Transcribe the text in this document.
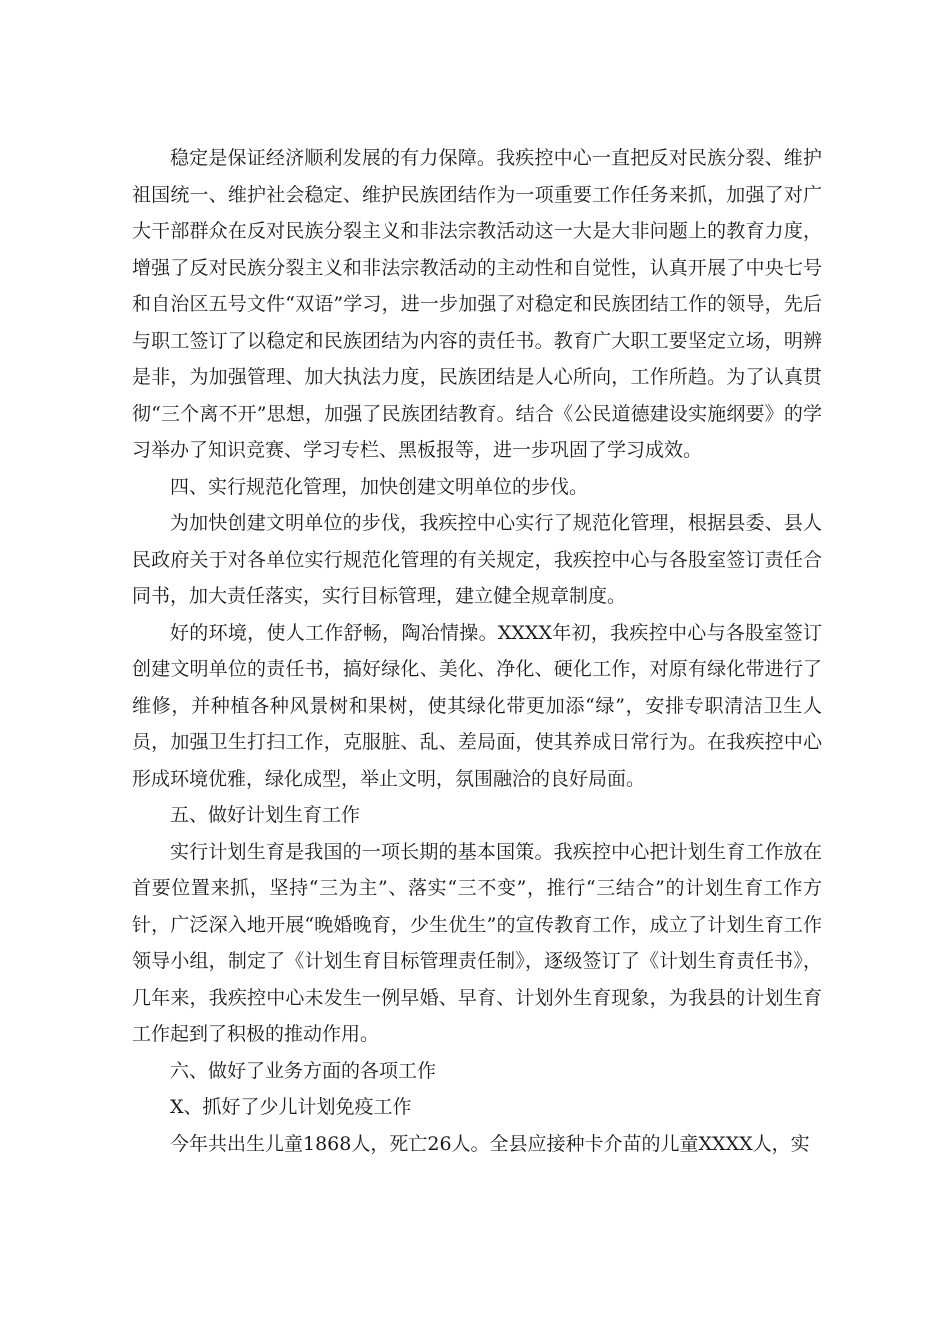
稳定是保证经济顺利发展的有力保障。我疾控中心一直把反对民族分裂、维护祖国统一、维护社会稳定、维护民族团结作为一项重要工作任务来抓，加强了对广大干部群众在反对民族分裂主义和非法宗教活动这一大是大非问题上的教育力度，增强了反对民族分裂主义和非法宗教活动的主动性和自觉性，认真开展了中央七号和自治区五号文件“双语”学习，进一步加强了对稳定和民族团结工作的领导，先后与职工签订了以稳定和民族团结为内容的责任书。教育广大职工要坚定立场，明辨是非，为加强管理、加大执法力度，民族团结是人心所向，工作所趋。为了认真贯彻“三个离不开”思想，加强了民族团结教育。结合《公民道德建设实施纲要》的学习举办了知识竞赛、学习专栏、黑板报等，进一步巩固了学习成效。

四、实行规范化管理，加快创建文明单位的步伐。

为加快创建文明单位的步伐，我疾控中心实行了规范化管理，根据县委、县人民政府关于对各单位实行规范化管理的有关规定，我疾控中心与各股室签订责任合同书，加大责任落实，实行目标管理，建立健全规章制度。

好的环境，使人工作舒畅，陶冶情操。XXXX年初，我疾控中心与各股室签订创建文明单位的责任书，搞好绿化、美化、净化、硬化工作，对原有绿化带进行了维修，并种植各种风景树和果树，使其绿化带更加添“绿”，安排专职清洁卫生人员，加强卫生打扫工作，克服脏、乱、差局面，使其养成日常行为。在我疾控中心形成环境优雅，绿化成型，举止文明，氛围融洽的良好局面。

五、做好计划生育工作

实行计划生育是我国的一项长期的基本国策。我疾控中心把计划生育工作放在首要位置来抓，坚持“三为主”、落实“三不变”，推行“三结合”的计划生育工作方针，广泛深入地开展“晚婚晚育，少生优生”的宣传教育工作，成立了计划生育工作领导小组，制定了《计划生育目标管理责任制》，逐级签订了《计划生育责任书》，几年来，我疾控中心未发生一例早婚、早育、计划外生育现象，为我县的计划生育工作起到了积极的推动作用。

六、做好了业务方面的各项工作

X、抓好了少儿计划免疫工作

今年共出生儿童1868人，死亡26人。全县应接种卡介苗的儿童XXXX人，实
